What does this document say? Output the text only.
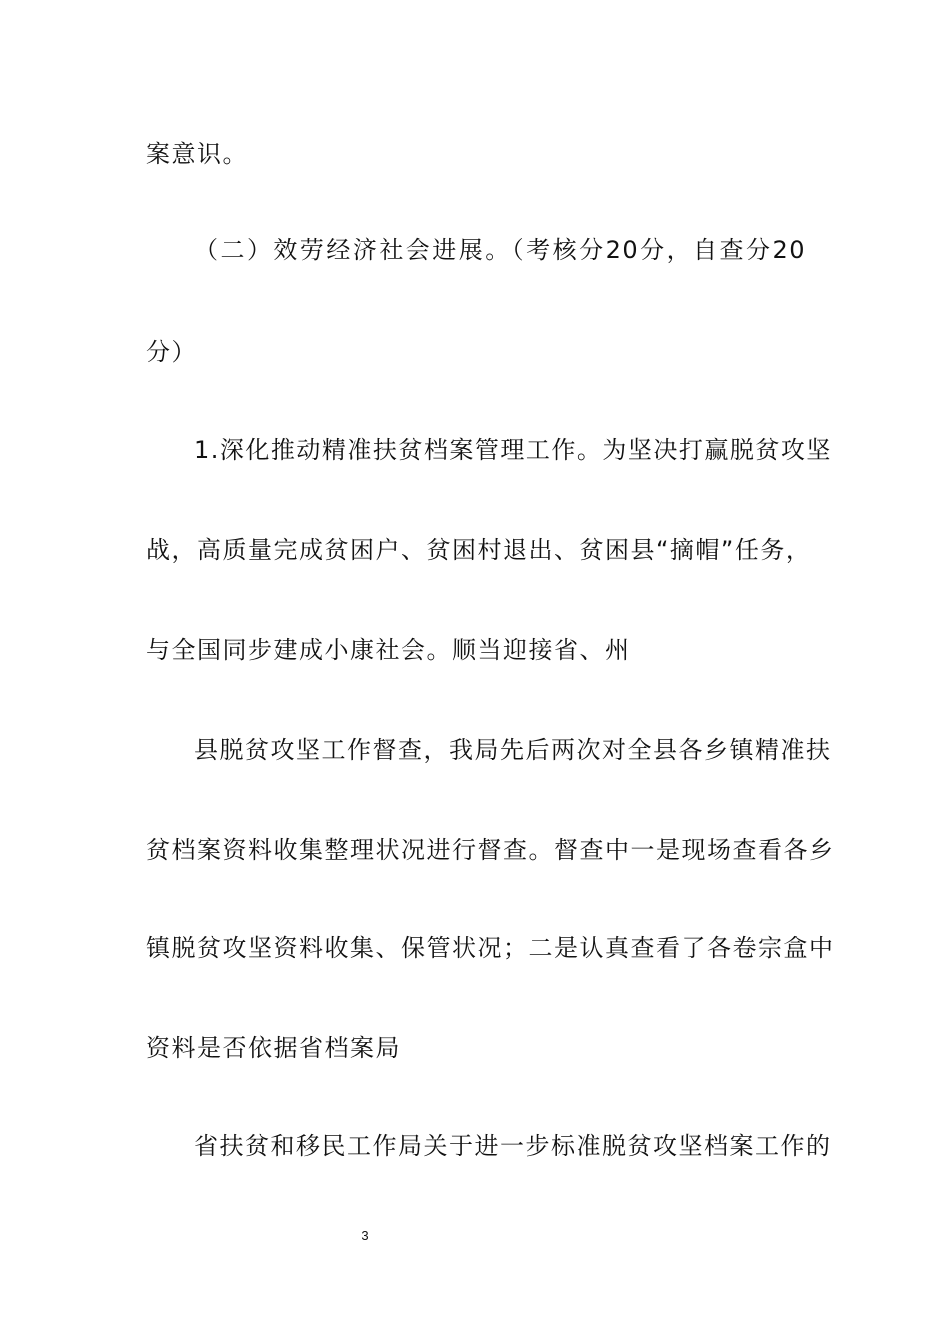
案意识。
（二）效劳经济社会进展。（考核分20分，自查分20
分）
1.深化推动精准扶贫档案管理工作。为坚决打赢脱贫攻坚
战，高质量完成贫困户、贫困村退出、贫困县“摘帽”任务，
与全国同步建成小康社会。顺当迎接省、州
县脱贫攻坚工作督查，我局先后两次对全县各乡镇精准扶
贫档案资料收集整理状况进行督查。督查中一是现场查看各乡
镇脱贫攻坚资料收集、保管状况；二是认真查看了各卷宗盒中
资料是否依据省档案局
省扶贫和移民工作局关于进一步标准脱贫攻坚档案工作的
3
